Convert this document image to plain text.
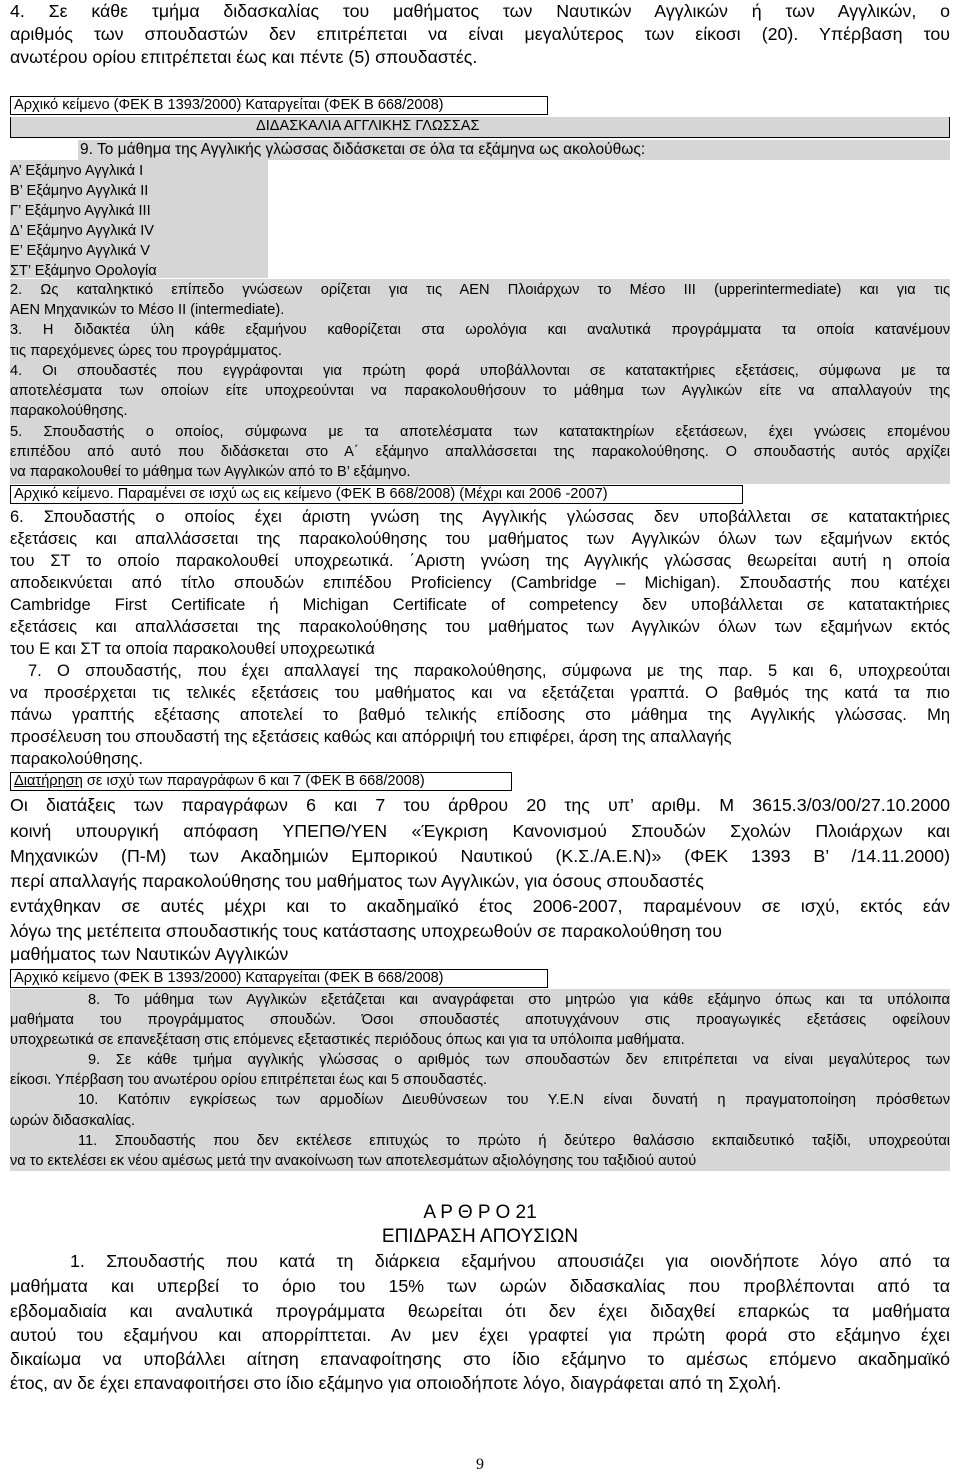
4. Σε κάθε τμήμα διδασκαλίας του μαθήματος των Ναυτικών Αγγλικών ή των Αγγλικών, ο
αριθμός των σπουδαστών δεν επιτρέπεται να είναι μεγαλύτερος των είκοσι (20). Υπέρβαση του
ανωτέρου ορίου επιτρέπεται έως και πέντε (5) σπουδαστές.
Αρχικό κείμενο (ΦΕΚ Β 1393/2000) Καταργείται (ΦΕΚ Β 668/2008)
ΔΙΔΑΣΚΑΛΙΑ ΑΓΓΛΙΚΗΣ ΓΛΩΣΣΑΣ
9. Το μάθημα της Αγγλικής γλώσσας διδάσκεται σε όλα τα εξάμηνα ως ακολούθως:
Α’ Εξάμηνο Αγγλικά I
Β’ Εξάμηνο Αγγλικά II
Γ’ Εξάμηνο Αγγλικά III
Δ’ Εξάμηνο Αγγλικά IV
Ε’ Εξάμηνο Αγγλικά V
ΣΤ’ Εξάμηνο Ορολογία
2. Ως καταληκτικό επίπεδο γνώσεων ορίζεται για τις ΑΕΝ Πλοιάρχων το Μέσο ΙΙΙ (upperintermediate) και για τις
ΑΕΝ Μηχανικών το Μέσο ΙΙ (intermediate).
3. Η διδακτέα ύλη κάθε εξαμήνου καθορίζεται στα ωρολόγια και αναλυτικά προγράμματα τα οποία κατανέμουν
τις παρεχόμενες ώρες του προγράμματος.
4. Οι σπουδαστές που εγγράφονται για πρώτη φορά υποβάλλονται σε κατατακτήριες εξετάσεις, σύμφωνα με τα
αποτελέσματα των οποίων είτε υποχρεούνται να παρακολουθήσουν το μάθημα των Αγγλικών είτε να απαλλαγούν της
παρακολούθησης.
5. Σπουδαστής ο οποίος, σύμφωνα με τα αποτελέσματα των κατατακτηρίων εξετάσεων, έχει γνώσεις επομένου
επιπέδου από αυτό που διδάσκεται στο Α΄ εξάμηνο απαλλάσσεται της παρακολούθησης. Ο σπουδαστής αυτός αρχίζει
να παρακολουθεί το μάθημα των Αγγλικών από το Β’ εξάμηνο.
Αρχικό κείμενο. Παραμένει σε ισχύ ως εις κείμενο (ΦΕΚ Β 668/2008) (Μέχρι και 2006 -2007)
6. Σπουδαστής ο οποίος έχει άριστη γνώση της Αγγλικής γλώσσας δεν υποβάλλεται σε κατατακτήριες
εξετάσεις και απαλλάσσεται της παρακολούθησης του μαθήματος των Αγγλικών όλων των εξαμήνων εκτός
του ΣΤ το οποίο παρακολουθεί υποχρεωτικά. ΄Αριστη γνώση της Αγγλικής γλώσσας θεωρείται αυτή η οποία
αποδεικνύεται από τίτλο σπουδών επιπέδου Proficiency (Cambridge – Michigan). Σπουδαστής που κατέχει
Cambridge First Certificate ή Michigan Certificate of competency δεν υποβάλλεται σε κατατακτήριες
εξετάσεις και απαλλάσσεται της παρακολούθησης του μαθήματος των Αγγλικών όλων των εξαμήνων εκτός
του Ε και ΣΤ τα οποία παρακολουθεί υποχρεωτικά
7. Ο σπουδαστής, που έχει απαλλαγεί της παρακολούθησης, σύμφωνα με της παρ. 5 και 6, υποχρεούται
να προσέρχεται τις τελικές εξετάσεις του μαθήματος και να εξετάζεται γραπτά. Ο βαθμός της κατά τα πιο
πάνω γραπτής εξέτασης αποτελεί το βαθμό τελικής επίδοσης στο μάθημα της Αγγλικής γλώσσας. Μη
προσέλευση του σπουδαστή της εξετάσεις καθώς και απόρριψή του επιφέρει, άρση της απαλλαγής
παρακολούθησης.
Διατήρηση σε ισχύ των παραγράφων 6 και 7 (ΦΕΚ Β 668/2008)
Οι διατάξεις των παραγράφων 6 και 7 του άρθρου 20 της υπ’ αριθμ. Μ 3615.3/03/00/27.10.2000
κοινή υπουργική απόφαση ΥΠΕΠΘ/ΥΕΝ «Έγκριση Κανονισμού Σπουδών Σχολών Πλοιάρχων και
Μηχανικών (Π-Μ) των Ακαδημιών Εμπορικού Ναυτικού (Κ.Σ./Α.Ε.Ν)» (ΦΕΚ 1393 Β’ /14.11.2000)
περί απαλλαγής παρακολούθησης του μαθήματος των Αγγλικών, για όσους σπουδαστές
εντάχθηκαν σε αυτές μέχρι και το ακαδημαϊκό έτος 2006-2007, παραμένουν σε ισχύ, εκτός εάν
λόγω της μετέπειτα σπουδαστικής τους κατάστασης υποχρεωθούν σε παρακολούθηση του
μαθήματος των Ναυτικών Αγγλικών
Αρχικό κείμενο (ΦΕΚ Β 1393/2000) Καταργείται (ΦΕΚ Β 668/2008)
8. Το μάθημα των Αγγλικών εξετάζεται και αναγράφεται στο μητρώο για κάθε εξάμηνο όπως και τα υπόλοιπα
μαθήματα του προγράμματος σπουδών. Όσοι σπουδαστές αποτυγχάνουν στις προαγωγικές εξετάσεις οφείλουν
υποχρεωτικά σε επανεξέταση στις επόμενες εξεταστικές περιόδους όπως και για τα υπόλοιπα μαθήματα.
9. Σε κάθε τμήμα αγγλικής γλώσσας ο αριθμός των σπουδαστών δεν επιτρέπεται να είναι μεγαλύτερος των
είκοσι. Υπέρβαση του ανωτέρου ορίου επιτρέπεται έως και 5 σπουδαστές.
10. Κατόπιν εγκρίσεως των αρμοδίων Διευθύνσεων του Υ.Ε.Ν είναι δυνατή η πραγματοποίηση πρόσθετων
ωρών διδασκαλίας.
11. Σπουδαστής που δεν εκτέλεσε επιτυχώς το πρώτο ή δεύτερο θαλάσσιο εκπαιδευτικό ταξίδι, υποχρεούται
να το εκτελέσει εκ νέου αμέσως μετά την ανακοίνωση των αποτελεσμάτων αξιολόγησης του ταξιδιού αυτού
Α Ρ Θ Ρ Ο 21
ΕΠΙΔΡΑΣΗ ΑΠΟΥΣΙΩΝ
1. Σπουδαστής που κατά τη διάρκεια εξαμήνου απουσιάζει για οιονδήποτε λόγο από τα
μαθήματα και υπερβεί το όριο του 15% των ωρών διδασκαλίας που προβλέπονται από τα
εβδομαδιαία και αναλυτικά προγράμματα θεωρείται ότι δεν έχει διδαχθεί επαρκώς τα μαθήματα
αυτού του εξαμήνου και απορρίπτεται. Αν μεν έχει γραφτεί για πρώτη φορά στο εξάμηνο έχει
δικαίωμα να υποβάλλει αίτηση επαναφοίτησης στο ίδιο εξάμηνο το αμέσως επόμενο ακαδημαϊκό
έτος, αν δε έχει επαναφοιτήσει στο ίδιο εξάμηνο για οποιοδήποτε λόγο, διαγράφεται από τη Σχολή.
9
